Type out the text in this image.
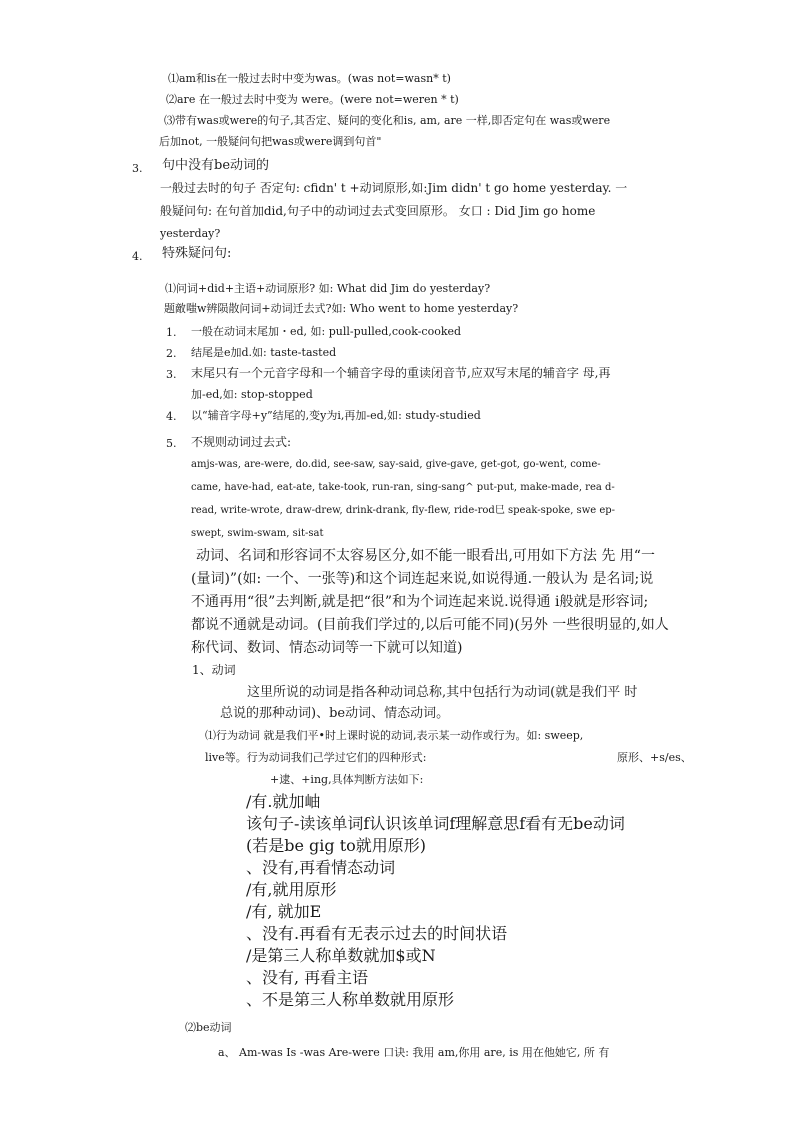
⑴am和is在一般过去时中变为was。(was not=wasn* t)
⑵are 在一般过去时中变为 were。(were not=weren * t)
⑶带有was或were的句子,其否定、疑问的变化和is, am, are 一样,即否定句在 was或were
后加not, 一般疑问句把was或were调到句首"
3. 句中没有be动词的
一般过去时的句子 否定句: cfidn' t +动词原形,如:Jim didn' t go home yesterday. 一
般疑问句: 在句首加did,句子中的动词过去式变回原形。 女口 : Did Jim go home
yesterday?
4. 特殊疑问句:
⑴问词+did+主语+动词原形? 如: What did Jim do yesterday?
题敵嗤w辨陨散问词+动词迁去式?如: Who went to home yesterday?
1. 一般在动词末尾加・ed, 如: pull-pulled,cook-cooked
2. 结尾是e加d.如: taste-tasted
3. 末尾只有一个元音字母和一个辅音字母的重读闭音节,应双写末尾的辅音字 母,再
加-ed,如: stop-stopped
4. 以“辅音字母+y”结尾的,变y为i,再加-ed,如: study-studied
5. 不规则动词过去式:
amjs-was, are-were, do.did, see-saw, say-said, give-gave, get-got, go-went, come-
came, have-had, eat-ate, take-took, run-ran, sing-sang^ put-put, make-made, rea d-
read, write-wrote, draw-drew, drink-drank, fly-flew, ride-rod巳 speak-spoke, swe ep-
swept, swim-swam, sit-sat
动词、名词和形容词不太容易区分,如不能一眼看出,可用如下方法 先 用“一
(量词)”(如: 一个、一张等)和这个词连起来说,如说得通.一般认为 是名词;说
不通再用“很”去判断,就是把“很”和为个词连起来说.说得通 i般就是形容词;
都说不通就是动词。(目前我们学过的,以后可能不同)(另外 一些很明显的,如人
称代词、数词、情态动词等一下就可以知道)
1、动词
这里所说的动词是指各种动词总称,其中包括行为动词(就是我们平 时
总说的那种动词)、be动词、情态动词。
⑴行为动词 就是我们平•时上课时说的动词,表示某一动作或行为。如: sweep,
live等。行为动词我们己学过它们的四种形式:	原形、+s/es、
+逮、+ing,具体判断方法如下:
/有.就加岫
该句子-读该单词f认识该单词f理解意思f看有无be动词
(若是be gig to就用原形)
、没有,再看情态动词
/有,就用原形
/有, 就加E
、没有.再看有无表示过去的时间状语
/是第三人称单数就加$或N
、没有, 再看主语
、不是第三人称单数就用原形
⑵be动词
a、 Am-was Is -was Are-were 口诀: 我用 am,你用 are, is 用在他她它, 所 有
